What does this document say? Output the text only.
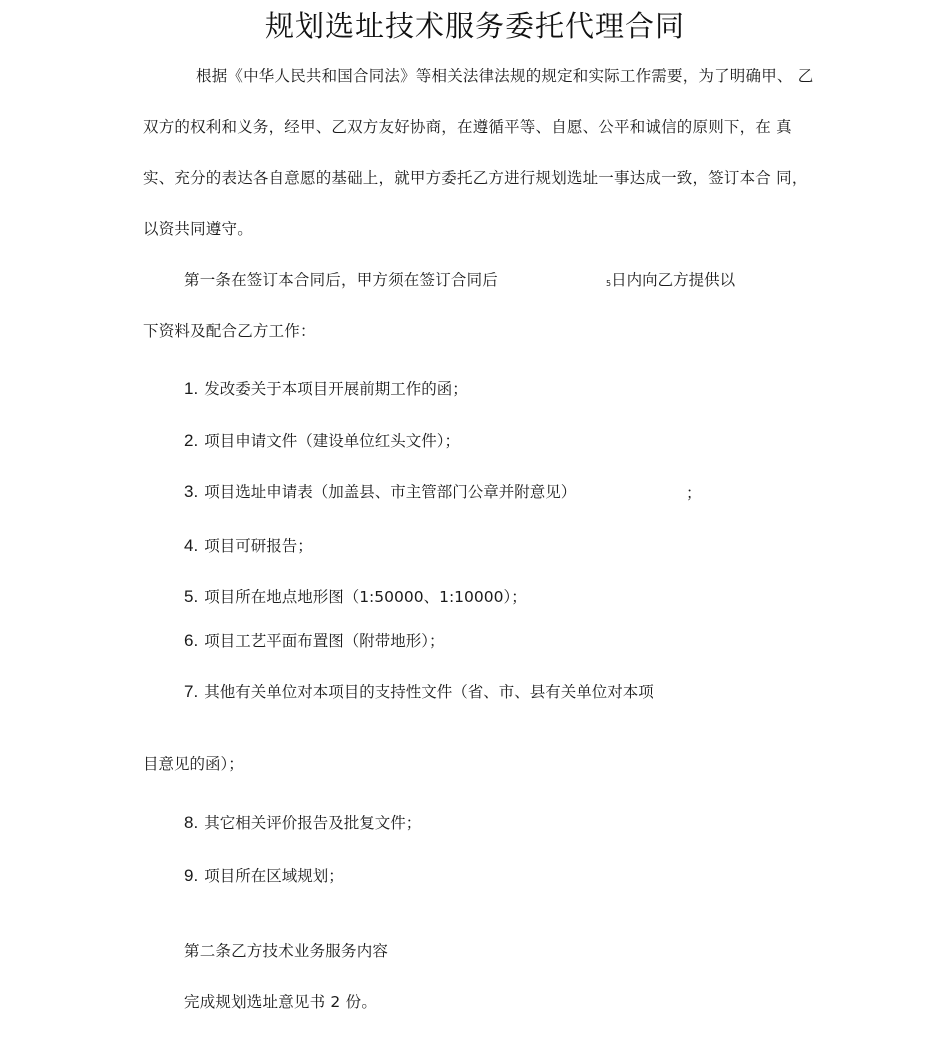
规划选址技术服务委托代理合同
根据《中华人民共和国合同法》等相关法律法规的规定和实际工作需要，为了明确甲、 乙
双方的权利和义务，经甲、乙双方友好协商，在遵循平等、自愿、公平和诚信的原则下，在 真
实、充分的表达各自意愿的基础上，就甲方委托乙方进行规划选址一事达成一致，签订本合 同，
以资共同遵守。
第一条在签订本合同后，甲方须在签订合同后	5日内向乙方提供以
下资料及配合乙方工作：
1. 发改委关于本项目开展前期工作的函；
2. 项目申请文件（建设单位红头文件）；
3. 项目选址申请表（加盖县、市主管部门公章并附意见）	；
4. 项目可研报告；
5. 项目所在地点地形图（1:50000、1:10000）；
6. 项目工艺平面布置图（附带地形）；
7. 其他有关单位对本项目的支持性文件（省、市、县有关单位对本项
目意见的函）；
8. 其它相关评价报告及批复文件；
9. 项目所在区域规划；
第二条乙方技术业务服务内容
完成规划选址意见书 2 份。
